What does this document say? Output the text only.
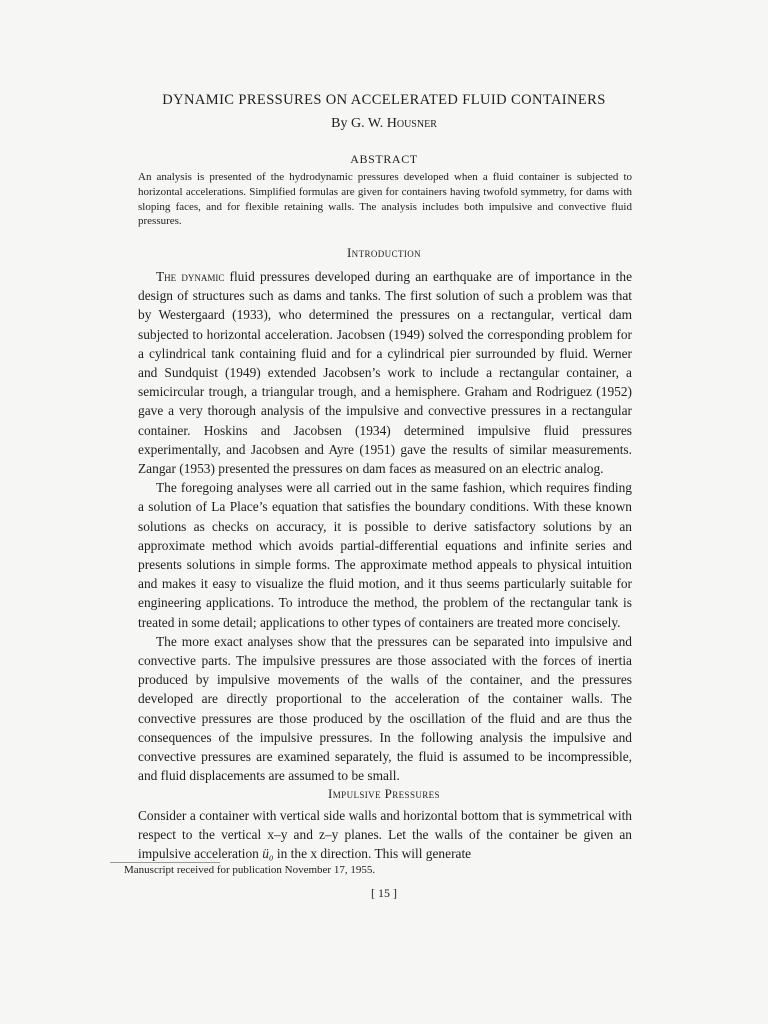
DYNAMIC PRESSURES ON ACCELERATED FLUID CONTAINERS
By G. W. Housner
ABSTRACT
An analysis is presented of the hydrodynamic pressures developed when a fluid container is subjected to horizontal accelerations. Simplified formulas are given for containers having twofold symmetry, for dams with sloping faces, and for flexible retaining walls. The analysis includes both impulsive and convective fluid pressures.
Introduction

The dynamic fluid pressures developed during an earthquake are of importance in the design of structures such as dams and tanks. The first solution of such a problem was that by Westergaard (1933), who determined the pressures on a rectangular, vertical dam subjected to horizontal acceleration. Jacobsen (1949) solved the corresponding problem for a cylindrical tank containing fluid and for a cylindrical pier surrounded by fluid. Werner and Sundquist (1949) extended Jacobsen’s work to include a rectangular container, a semicircular trough, a triangular trough, and a hemisphere. Graham and Rodriguez (1952) gave a very thorough analysis of the impulsive and convective pressures in a rectangular container. Hoskins and Jacobsen (1934) determined impulsive fluid pressures experimentally, and Jacobsen and Ayre (1951) gave the results of similar measurements. Zangar (1953) presented the pressures on dam faces as measured on an electric analog.

The foregoing analyses were all carried out in the same fashion, which requires finding a solution of La Place’s equation that satisfies the boundary conditions. With these known solutions as checks on accuracy, it is possible to derive satisfactory solutions by an approximate method which avoids partial-differential equations and infinite series and presents solutions in simple forms. The approximate method appeals to physical intuition and makes it easy to visualize the fluid motion, and it thus seems particularly suitable for engineering applications. To introduce the method, the problem of the rectangular tank is treated in some detail; applications to other types of containers are treated more concisely.

The more exact analyses show that the pressures can be separated into impulsive and convective parts. The impulsive pressures are those associated with the forces of inertia produced by impulsive movements of the walls of the container, and the pressures developed are directly proportional to the acceleration of the container walls. The convective pressures are those produced by the oscillation of the fluid and are thus the consequences of the impulsive pressures. In the following analysis the impulsive and convective pressures are examined separately, the fluid is assumed to be incompressible, and fluid displacements are assumed to be small.

Impulsive Pressures

Consider a container with vertical side walls and horizontal bottom that is symmetrical with respect to the vertical x–y and z–y planes. Let the walls of the container be given an impulsive acceleration ü₀ in the x direction. This will generate

Manuscript received for publication November 17, 1955.
[ 15 ]
